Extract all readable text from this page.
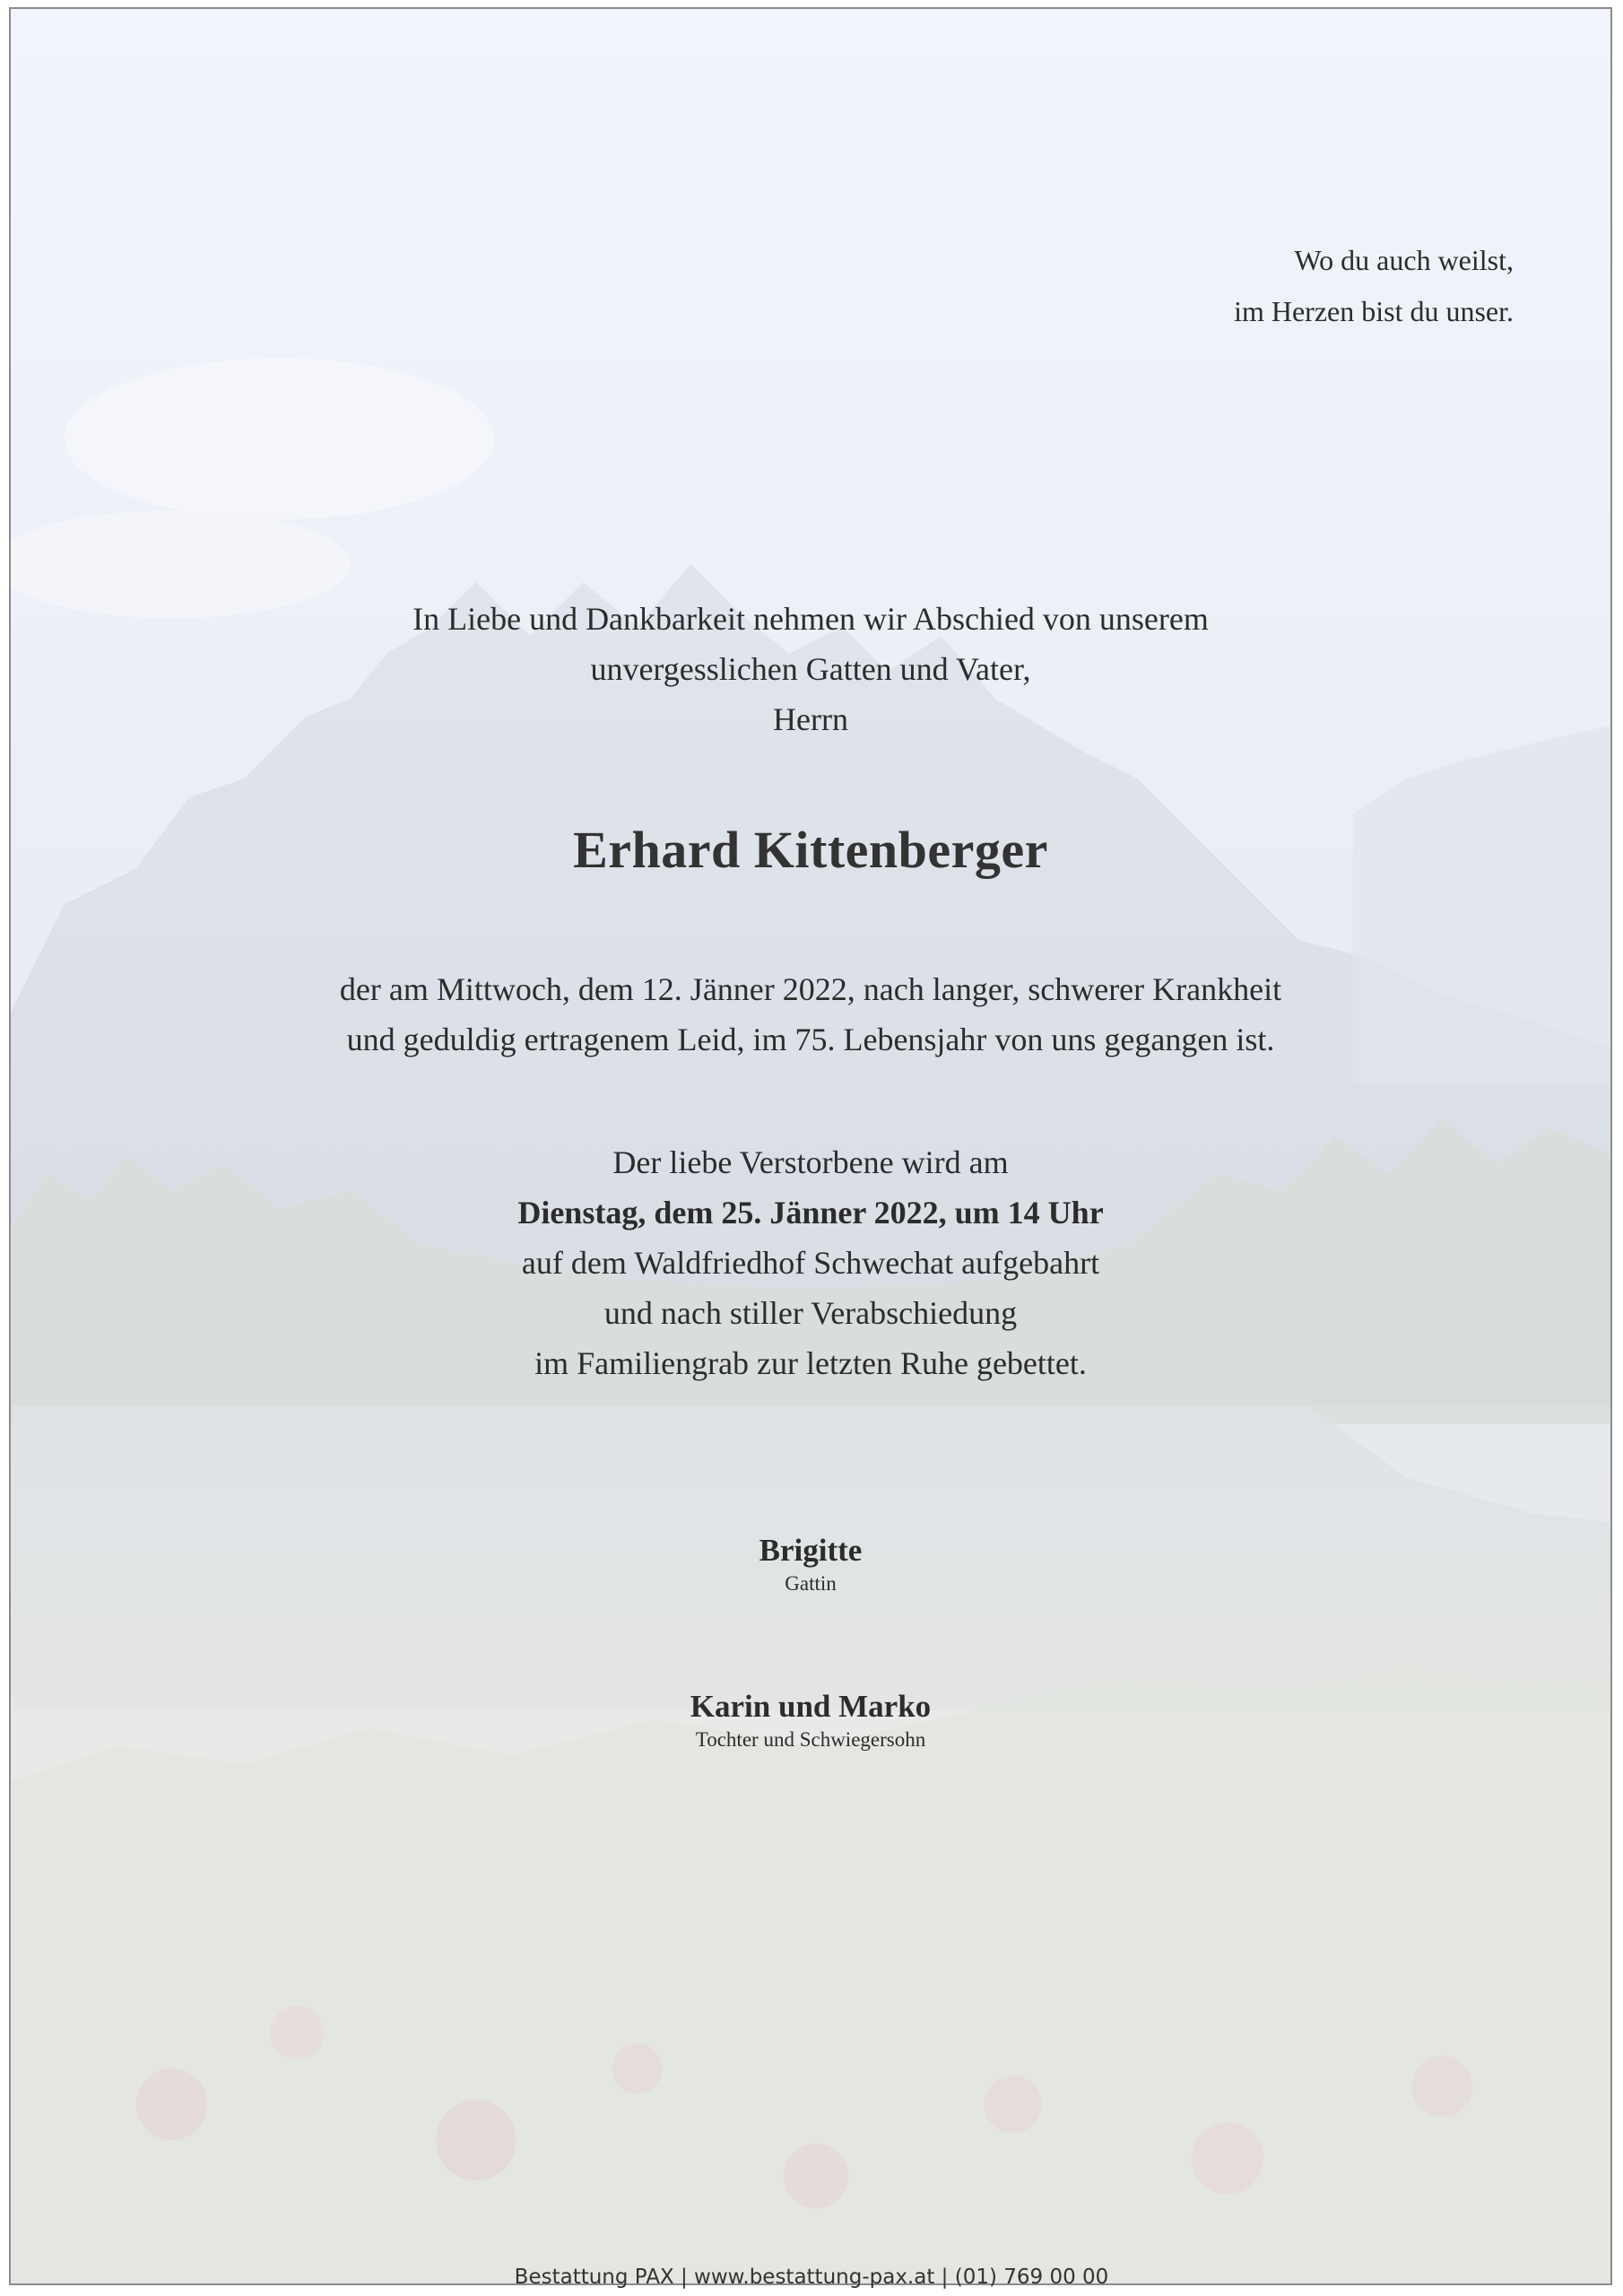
Wo du auch weilst,
im Herzen bist du unser.
In Liebe und Dankbarkeit nehmen wir Abschied von unserem
unvergesslichen Gatten und Vater,
Herrn
Erhard Kittenberger
der am Mittwoch, dem 12. Jänner 2022, nach langer, schwerer Krankheit
und geduldig ertragenem Leid, im 75. Lebensjahr von uns gegangen ist.
Der liebe Verstorbene wird am
Dienstag, dem 25. Jänner 2022, um 14 Uhr
auf dem Waldfriedhof Schwechat aufgebahrt
und nach stiller Verabschiedung
im Familiengrab zur letzten Ruhe gebettet.
Brigitte
Gattin
Karin und Marko
Tochter und Schwiegersohn
Bestattung PAX | www.bestattung-pax.at | (01) 769 00 00
